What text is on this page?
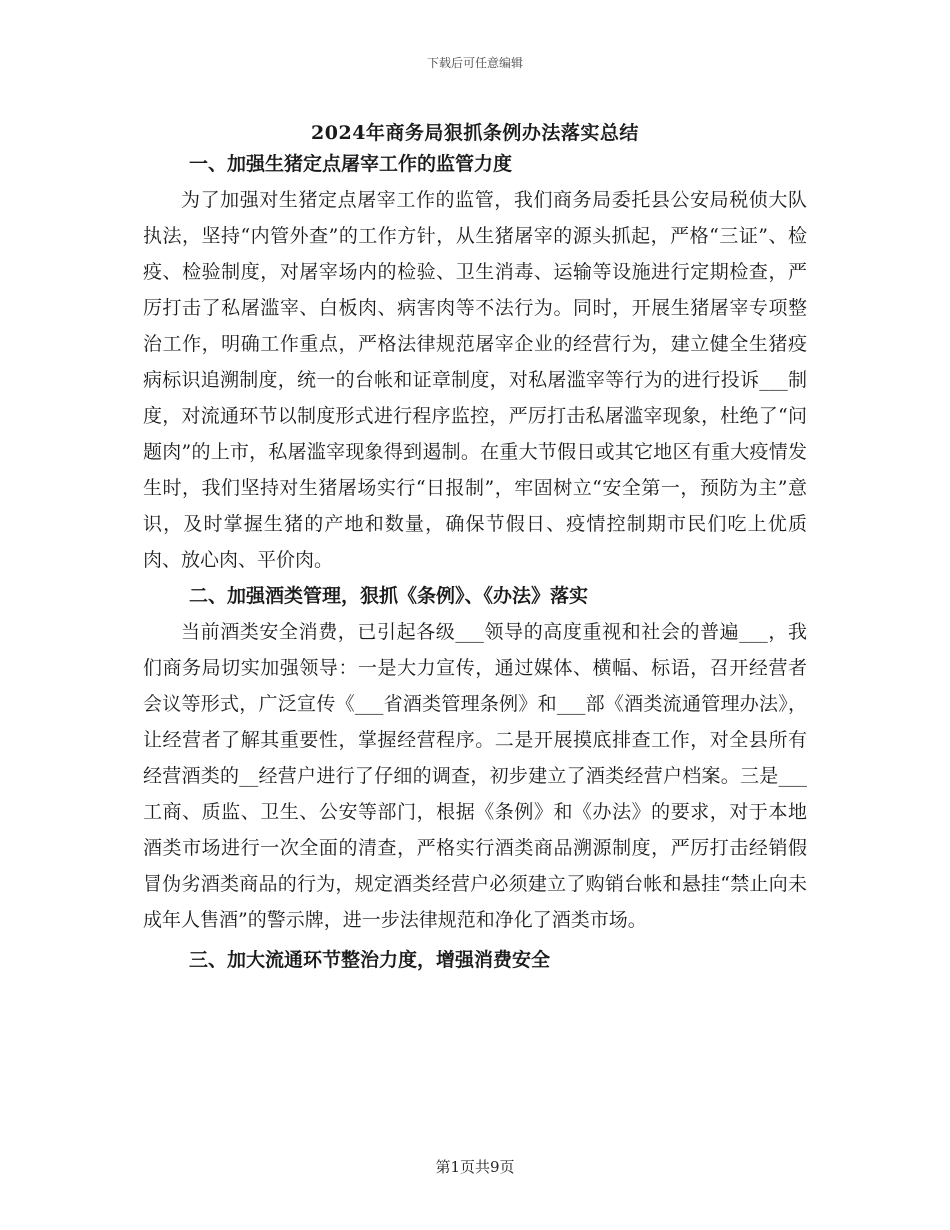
下载后可任意编辑
2024年商务局狠抓条例办法落实总结

一、加强生猪定点屠宰工作的监管力度

为了加强对生猪定点屠宰工作的监管，我们商务局委托县公安局税侦大队执法，坚持“内管外查”的工作方针，从生猪屠宰的源头抓起，严格“三证”、检疫、检验制度，对屠宰场内的检验、卫生消毒、运输等设施进行定期检查，严厉打击了私屠滥宰、白板肉、病害肉等不法行为。同时，开展生猪屠宰专项整治工作，明确工作重点，严格法律规范屠宰企业的经营行为，建立健全生猪疫病标识追溯制度，统一的台帐和证章制度，对私屠滥宰等行为的进行投诉___制度，对流通环节以制度形式进行程序监控，严厉打击私屠滥宰现象，杜绝了“问题肉”的上市，私屠滥宰现象得到遏制。在重大节假日或其它地区有重大疫情发生时，我们坚持对生猪屠场实行“日报制”，牢固树立“安全第一，预防为主”意识，及时掌握生猪的产地和数量，确保节假日、疫情控制期市民们吃上优质肉、放心肉、平价肉。

二、加强酒类管理，狠抓《条例》、《办法》落实

当前酒类安全消费，已引起各级___领导的高度重视和社会的普遍___，我们商务局切实加强领导：一是大力宣传，通过媒体、横幅、标语，召开经营者会议等形式，广泛宣传《___省酒类管理条例》和___部《酒类流通管理办法》，让经营者了解其重要性，掌握经营程序。二是开展摸底排查工作，对全县所有经营酒类的__经营户进行了仔细的调查，初步建立了酒类经营户档案。三是___工商、质监、卫生、公安等部门，根据《条例》和《办法》的要求，对于本地酒类市场进行一次全面的清查，严格实行酒类商品溯源制度，严厉打击经销假冒伪劣酒类商品的行为，规定酒类经营户必须建立了购销台帐和悬挂“禁止向未成年人售酒”的警示牌，进一步法律规范和净化了酒类市场。

三、加大流通环节整治力度，增强消费安全

第1页共9页
